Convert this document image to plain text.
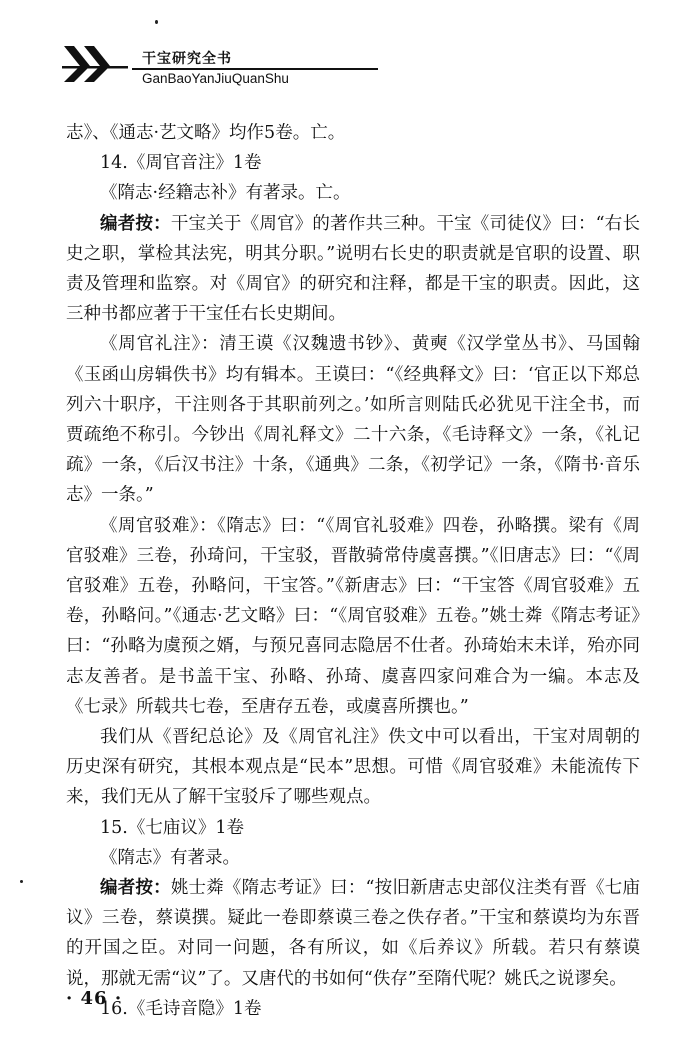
干宝研究全书
GanBaoYanJiuQuanShu

志》、《通志·艺文略》均作5卷。亡。

14.《周官音注》1卷

《隋志·经籍志补》有著录。亡。

编者按：干宝关于《周官》的著作共三种。干宝《司徒仪》曰：“右长史之职，掌检其法宪，明其分职。”说明右长史的职责就是官职的设置、职责及管理和监察。对《周官》的研究和注释，都是干宝的职责。因此，这三种书都应著于干宝任右长史期间。

《周官礼注》：清王谟《汉魏遗书钞》、黄奭《汉学堂丛书》、马国翰《玉函山房辑佚书》均有辑本。王谟曰：“《经典释文》曰：‘官正以下郑总列六十职序，干注则各于其职前列之。’如所言则陆氏必犹见干注全书，而贾疏绝不称引。今钞出《周礼释文》二十六条，《毛诗释文》一条，《礼记疏》一条，《后汉书注》十条，《通典》二条，《初学记》一条，《隋书·音乐志》一条。”

《周官驳难》：《隋志》曰：“《周官礼驳难》四卷，孙略撰。梁有《周官驳难》三卷，孙琦问，干宝驳，晋散骑常侍虞喜撰。”《旧唐志》曰：“《周官驳难》五卷，孙略问，干宝答。”《新唐志》曰：“干宝答《周官驳难》五卷，孙略问。”《通志·艺文略》曰：“《周官驳难》五卷。”姚士粦《隋志考证》曰：“孙略为虞预之婿，与预兄喜同志隐居不仕者。孙琦始末未详，殆亦同志友善者。是书盖干宝、孙略、孙琦、虞喜四家问难合为一编。本志及《七录》所载共七卷，至唐存五卷，或虞喜所撰也。”

我们从《晋纪总论》及《周官礼注》佚文中可以看出，干宝对周朝的历史深有研究，其根本观点是“民本”思想。可惜《周官驳难》未能流传下来，我们无从了解干宝驳斥了哪些观点。

15.《七庙议》1卷

《隋志》有著录。

编者按：姚士粦《隋志考证》曰：“按旧新唐志史部仪注类有晋《七庙议》三卷，蔡谟撰。疑此一卷即蔡谟三卷之佚存者。”干宝和蔡谟均为东晋的开国之臣。对同一问题，各有所议，如《后养议》所载。若只有蔡谟说，那就无需“议”了。又唐代的书如何“佚存”至隋代呢？姚氏之说谬矣。

16.《毛诗音隐》1卷

· 46 ·
